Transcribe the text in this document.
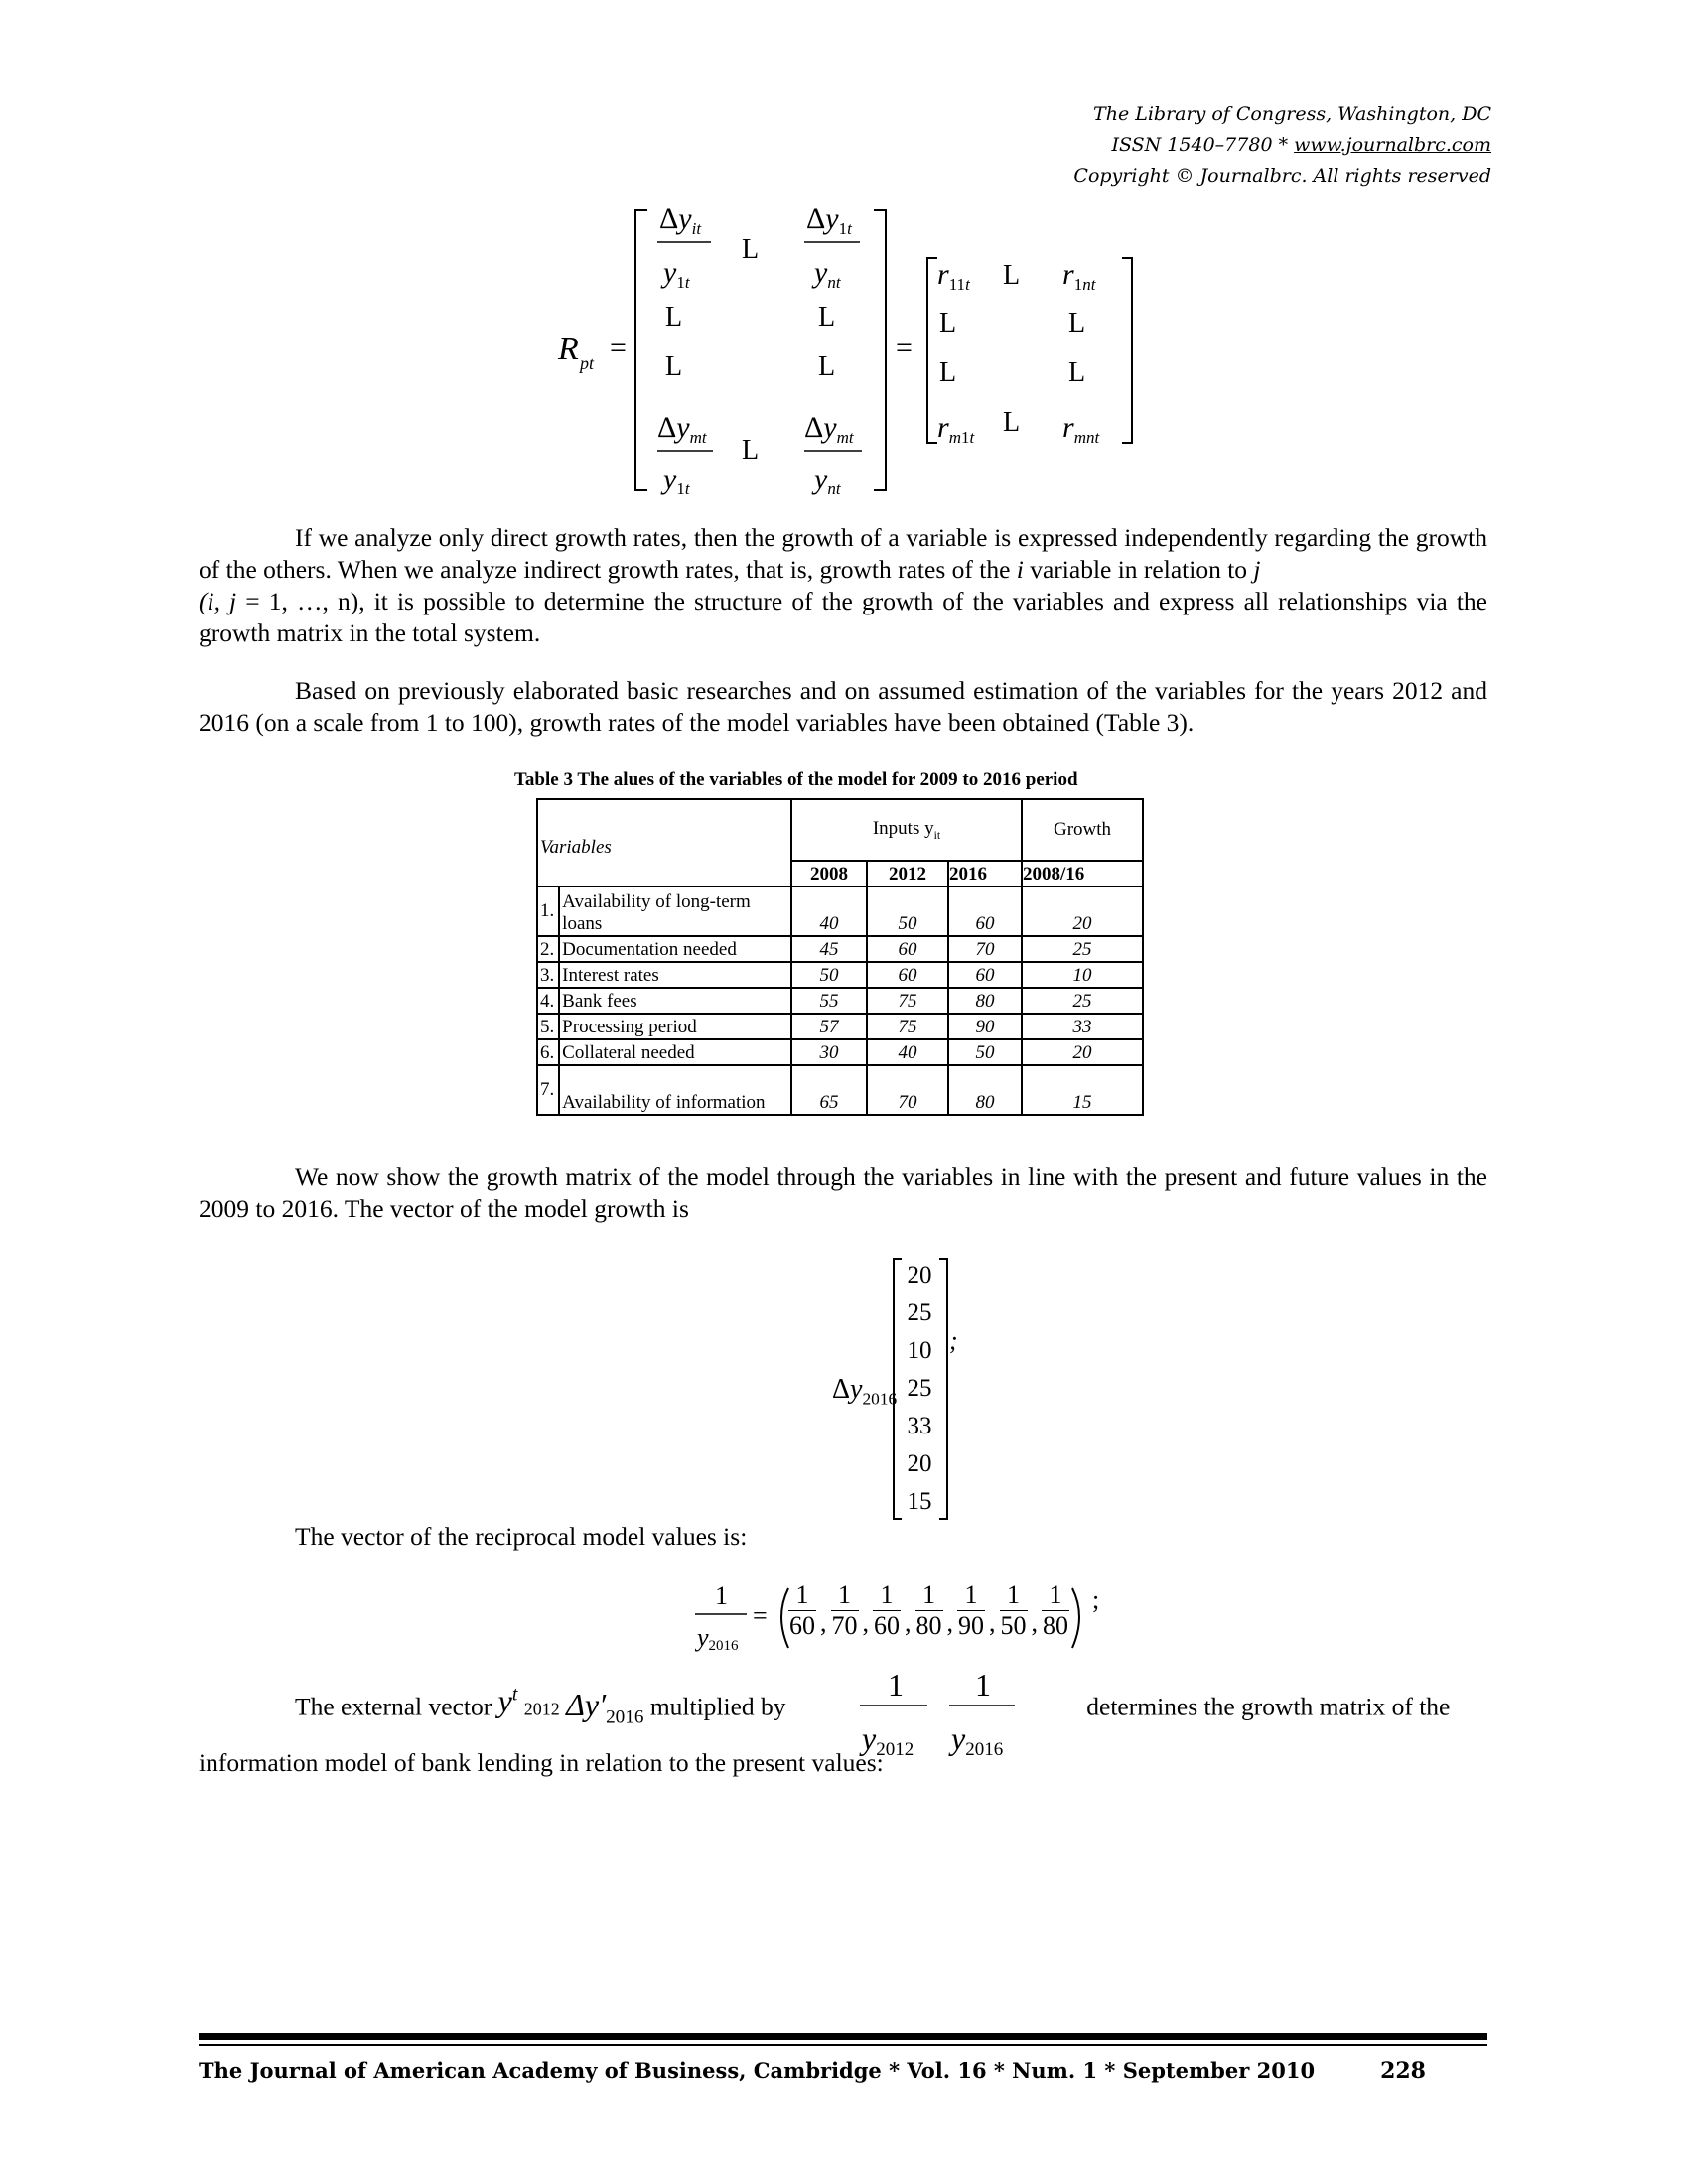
The Library of Congress, Washington, DC
ISSN 1540–7780 * www.journalbrc.com
Copyright © Journalbrc. All rights reserved
R pt =
$\Delta y_{it}$
$y_{1t}$
L
$\Delta y_{1t}$
$y_{nt}$
L	L
L	L
$\Delta y_{mt}$
$y_{1t}$
L
$\Delta y_{mt}$
$y_{nt}$
=
$r_{11t}$ L $r_{1nt}$
L	L
L	L
$r_{m1t}$ L $r_{mnt}$
If we analyze only direct growth rates, then the growth of a variable is expressed independently regarding the growth of the others. When we analyze indirect growth rates, that is, growth rates of the i variable in relation to j
(i, j = 1, …, n), it is possible to determine the structure of the growth of the variables and express all relationships via the growth matrix in the total system.
Based on previously elaborated basic researches and on assumed estimation of the variables for the years 2012 and 2016 (on a scale from 1 to 100), growth rates of the model variables have been obtained (Table 3).
Table 3 The alues of the variables of the model for 2009 to 2016 period
Variables		Inputs $y_{it}$			Growth
		2008	2012	2016	2008/16
1.	Availability of long-term loans	40	50	60	20
2.	Documentation needed	45	60	70	25
3.	Interest rates	50	60	60	10
4.	Bank fees	55	75	80	25
5.	Processing period	57	75	90	33
6.	Collateral needed	30	40	50	20
7.	Availability of information	65	70	80	15
We now show the growth matrix of the model through the variables in line with the present and future values in the 2009 to 2016. The vector of the model growth is
$\Delta y_{2016}$
20
25
10
25
33
20
15
;
The vector of the reciprocal model values is:
1
y2016
=
;
1
60 ,
1
70 ,
1
60 ,
1
80 ,
1
90 ,
1
50 ,
1
80
The external vector $y^t$ 2012 $\Delta y'_{2016}$ multiplied by	determines the growth matrix of the
1
y2012
1
y2016
information model of bank lending in relation to the present values:
The Journal of American Academy of Business, Cambridge * Vol. 16 * Num. 1 * September 2010	228
